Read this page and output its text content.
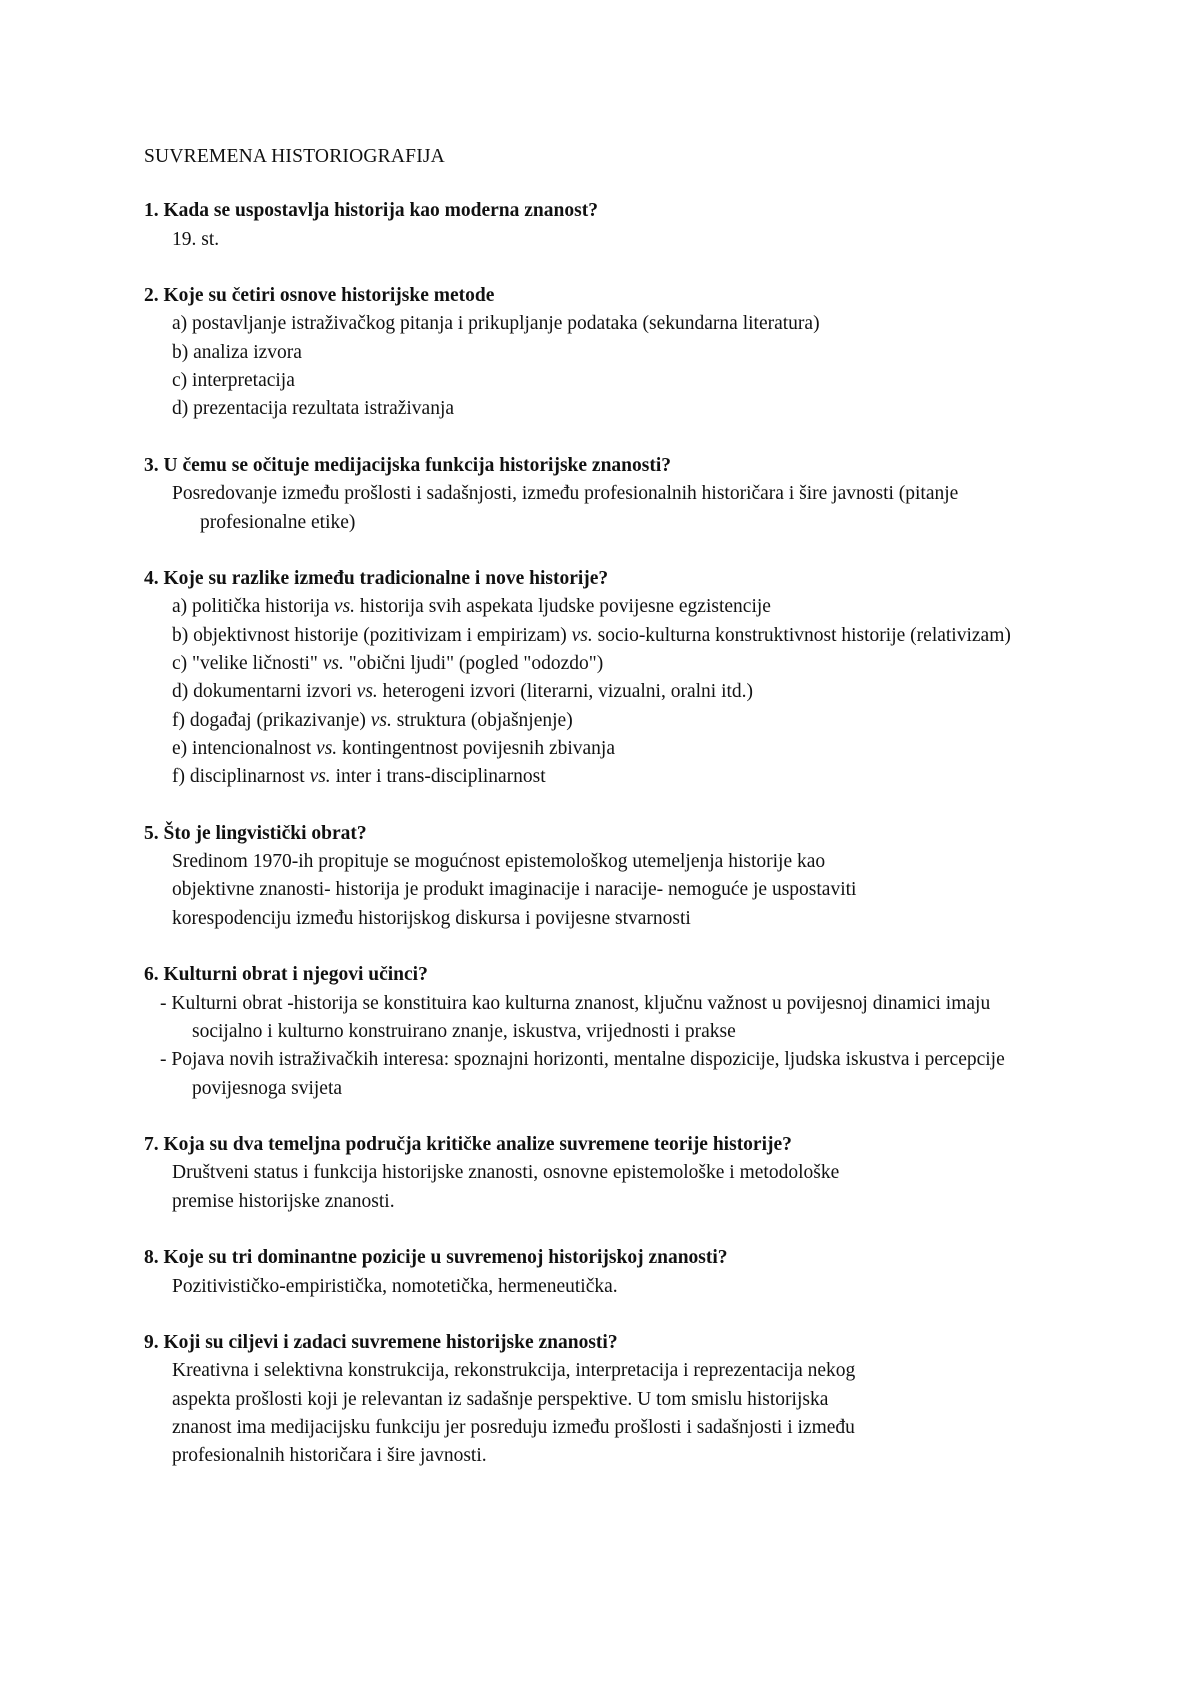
SUVREMENA HISTORIOGRAFIJA

1. Kada se uspostavlja historija kao moderna znanost?

19. st.

2. Koje su četiri osnove historijske metode

a) postavljanje istraživačkog pitanja i prikupljanje podataka (sekundarna literatura)

b) analiza izvora

c) interpretacija

d) prezentacija rezultata istraživanja

3. U čemu se očituje medijacijska funkcija historijske znanosti?

Posredovanje između prošlosti i sadašnjosti, između profesionalnih historičara i šire javnosti (pitanje profesionalne etike)

4. Koje su razlike između tradicionalne i nove historije?

a) politička historija vs. historija svih aspekata ljudske povijesne egzistencije

b) objektivnost historije (pozitivizam i empirizam) vs. socio-kulturna konstruktivnost historije (relativizam)

c) "velike ličnosti" vs. "obični ljudi" (pogled "odozdo")

d) dokumentarni izvori vs. heterogeni izvori (literarni, vizualni, oralni itd.)

f) događaj (prikazivanje) vs. struktura (objašnjenje)

e) intencionalnost vs. kontingentnost povijesnih zbivanja

f) disciplinarnost vs. inter i trans-disciplinarnost

5. Što je lingvistički obrat?

Sredinom 1970-ih propituje se mogućnost epistemološkog utemeljenja historije kao

objektivne znanosti- historija je produkt imaginacije i naracije- nemoguće je uspostaviti

korespodenciju između historijskog diskursa i povijesne stvarnosti

6. Kulturni obrat i njegovi učinci?

- Kulturni obrat -historija se konstituira kao kulturna znanost, ključnu važnost u povijesnoj dinamici imaju socijalno i kulturno konstruirano znanje, iskustva, vrijednosti i prakse

- Pojava novih istraživačkih interesa: spoznajni horizonti, mentalne dispozicije, ljudska iskustva i percepcije povijesnoga svijeta

7. Koja su dva temeljna područja kritičke analize suvremene teorije historije?

Društveni status i funkcija historijske znanosti, osnovne epistemološke i metodološke

premise historijske znanosti.

8. Koje su tri dominantne pozicije u suvremenoj historijskoj znanosti?

Pozitivističko-empiristička, nomotetička, hermeneutička.

9. Koji su ciljevi i zadaci suvremene historijske znanosti?

Kreativna i selektivna konstrukcija, rekonstrukcija, interpretacija i reprezentacija nekog

aspekta prošlosti koji je relevantan iz sadašnje perspektive. U tom smislu historijska

znanost ima medijacijsku funkciju jer posreduju između prošlosti i sadašnjosti i između

profesionalnih historičara i šire javnosti.
